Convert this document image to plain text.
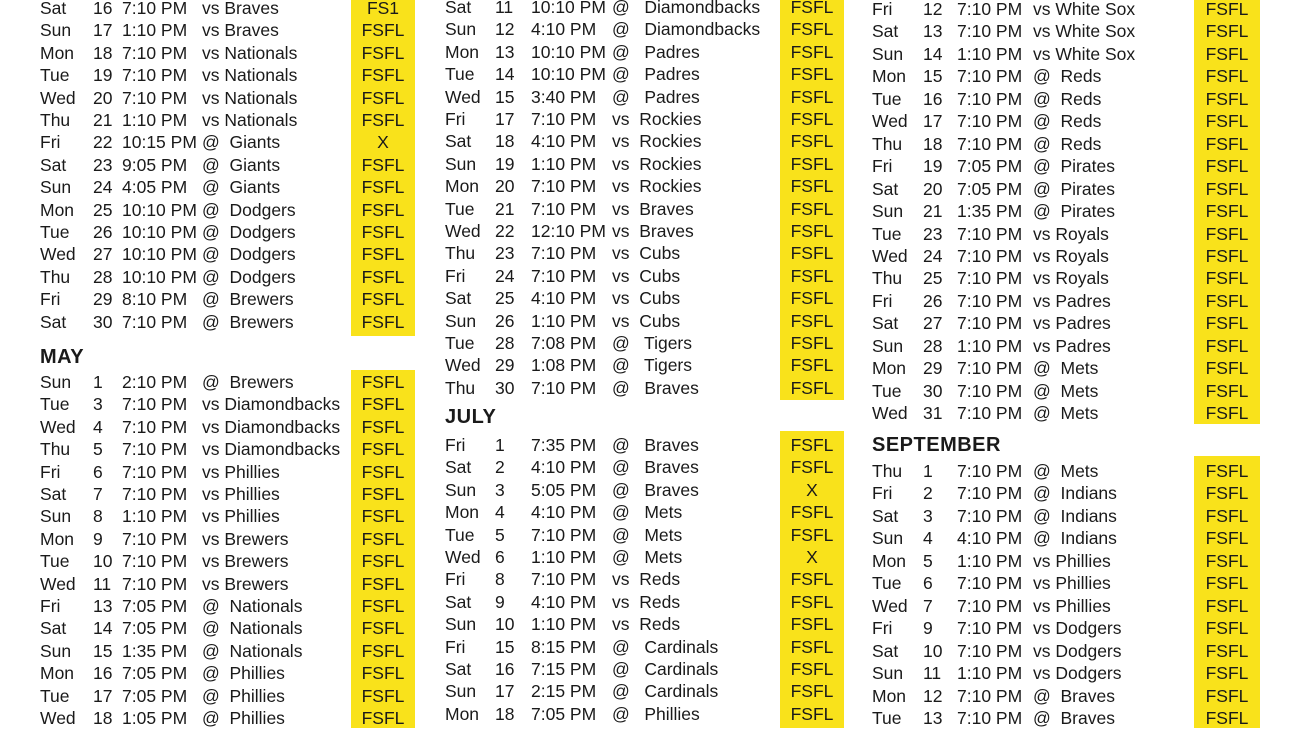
Sat 16 7:10 PM vs Braves	FS1
Sun 17 1:10 PM vs Braves	FSFL
Mon 18 7:10 PM vs Nationals	FSFL
Tue 19 7:10 PM vs Nationals	FSFL
Wed 20 7:10 PM vs Nationals	FSFL
Thu 21 1:10 PM vs Nationals	FSFL
Fri 22 10:15 PM @  Giants	X
Sat 23 9:05 PM @  Giants	FSFL
Sun 24 4:05 PM @  Giants	FSFL
Mon 25 10:10 PM @  Dodgers	FSFL
Tue 26 10:10 PM @  Dodgers	FSFL
Wed 27 10:10 PM @  Dodgers	FSFL
Thu 28 10:10 PM @  Dodgers	FSFL
Fri 29 8:10 PM @  Brewers	FSFL
Sat 30 7:10 PM @  Brewers	FSFL
MAY
Sun 1 2:10 PM @  Brewers	FSFL
Tue 3 7:10 PM vs Diamondbacks	FSFL
Wed 4 7:10 PM vs Diamondbacks	FSFL
Thu 5 7:10 PM vs Diamondbacks	FSFL
Fri 6 7:10 PM vs Phillies	FSFL
Sat 7 7:10 PM vs Phillies	FSFL
Sun 8 1:10 PM vs Phillies	FSFL
Mon 9 7:10 PM vs Brewers	FSFL
Tue 10 7:10 PM vs Brewers	FSFL
Wed 11 7:10 PM vs Brewers	FSFL
Fri 13 7:05 PM @  Nationals	FSFL
Sat 14 7:05 PM @  Nationals	FSFL
Sun 15 1:35 PM @  Nationals	FSFL
Mon 16 7:05 PM @  Phillies	FSFL
Tue 17 7:05 PM @  Phillies	FSFL
Wed 18 1:05 PM @  Phillies	FSFL
Sat 11 10:10 PM @   Diamondbacks	FSFL
Sun 12 4:10 PM @   Diamondbacks	FSFL
Mon 13 10:10 PM @   Padres	FSFL
Tue 14 10:10 PM @   Padres	FSFL
Wed 15 3:40 PM @   Padres	FSFL
Fri 17 7:10 PM vs  Rockies	FSFL
Sat 18 4:10 PM vs  Rockies	FSFL
Sun 19 1:10 PM vs  Rockies	FSFL
Mon 20 7:10 PM vs  Rockies	FSFL
Tue 21 7:10 PM vs  Braves	FSFL
Wed 22 12:10 PM vs  Braves	FSFL
Thu 23 7:10 PM vs  Cubs	FSFL
Fri 24 7:10 PM vs  Cubs	FSFL
Sat 25 4:10 PM vs  Cubs	FSFL
Sun 26 1:10 PM vs  Cubs	FSFL
Tue 28 7:08 PM @   Tigers	FSFL
Wed 29 1:08 PM @   Tigers	FSFL
Thu 30 7:10 PM @   Braves	FSFL
JULY
Fri 1 7:35 PM @   Braves	FSFL
Sat 2 4:10 PM @   Braves	FSFL
Sun 3 5:05 PM @   Braves	X
Mon 4 4:10 PM @   Mets	FSFL
Tue 5 7:10 PM @   Mets	FSFL
Wed 6 1:10 PM @   Mets	X
Fri 8 7:10 PM vs  Reds	FSFL
Sat 9 4:10 PM vs  Reds	FSFL
Sun 10 1:10 PM vs  Reds	FSFL
Fri 15 8:15 PM @   Cardinals	FSFL
Sat 16 7:15 PM @   Cardinals	FSFL
Sun 17 2:15 PM @   Cardinals	FSFL
Mon 18 7:05 PM @   Phillies	FSFL
Fri 12 7:10 PM vs White Sox	FSFL
Sat 13 7:10 PM vs White Sox	FSFL
Sun 14 1:10 PM vs White Sox	FSFL
Mon 15 7:10 PM @  Reds	FSFL
Tue 16 7:10 PM @  Reds	FSFL
Wed 17 7:10 PM @  Reds	FSFL
Thu 18 7:10 PM @  Reds	FSFL
Fri 19 7:05 PM @  Pirates	FSFL
Sat 20 7:05 PM @  Pirates	FSFL
Sun 21 1:35 PM @  Pirates	FSFL
Tue 23 7:10 PM vs Royals	FSFL
Wed 24 7:10 PM vs Royals	FSFL
Thu 25 7:10 PM vs Royals	FSFL
Fri 26 7:10 PM vs Padres	FSFL
Sat 27 7:10 PM vs Padres	FSFL
Sun 28 1:10 PM vs Padres	FSFL
Mon 29 7:10 PM @  Mets	FSFL
Tue 30 7:10 PM @  Mets	FSFL
Wed 31 7:10 PM @  Mets	FSFL
SEPTEMBER
Thu 1 7:10 PM @  Mets	FSFL
Fri 2 7:10 PM @  Indians	FSFL
Sat 3 7:10 PM @  Indians	FSFL
Sun 4 4:10 PM @  Indians	FSFL
Mon 5 1:10 PM vs Phillies	FSFL
Tue 6 7:10 PM vs Phillies	FSFL
Wed 7 7:10 PM vs Phillies	FSFL
Fri 9 7:10 PM vs Dodgers	FSFL
Sat 10 7:10 PM vs Dodgers	FSFL
Sun 11 1:10 PM vs Dodgers	FSFL
Mon 12 7:10 PM @  Braves	FSFL
Tue 13 7:10 PM @  Braves	FSFL
